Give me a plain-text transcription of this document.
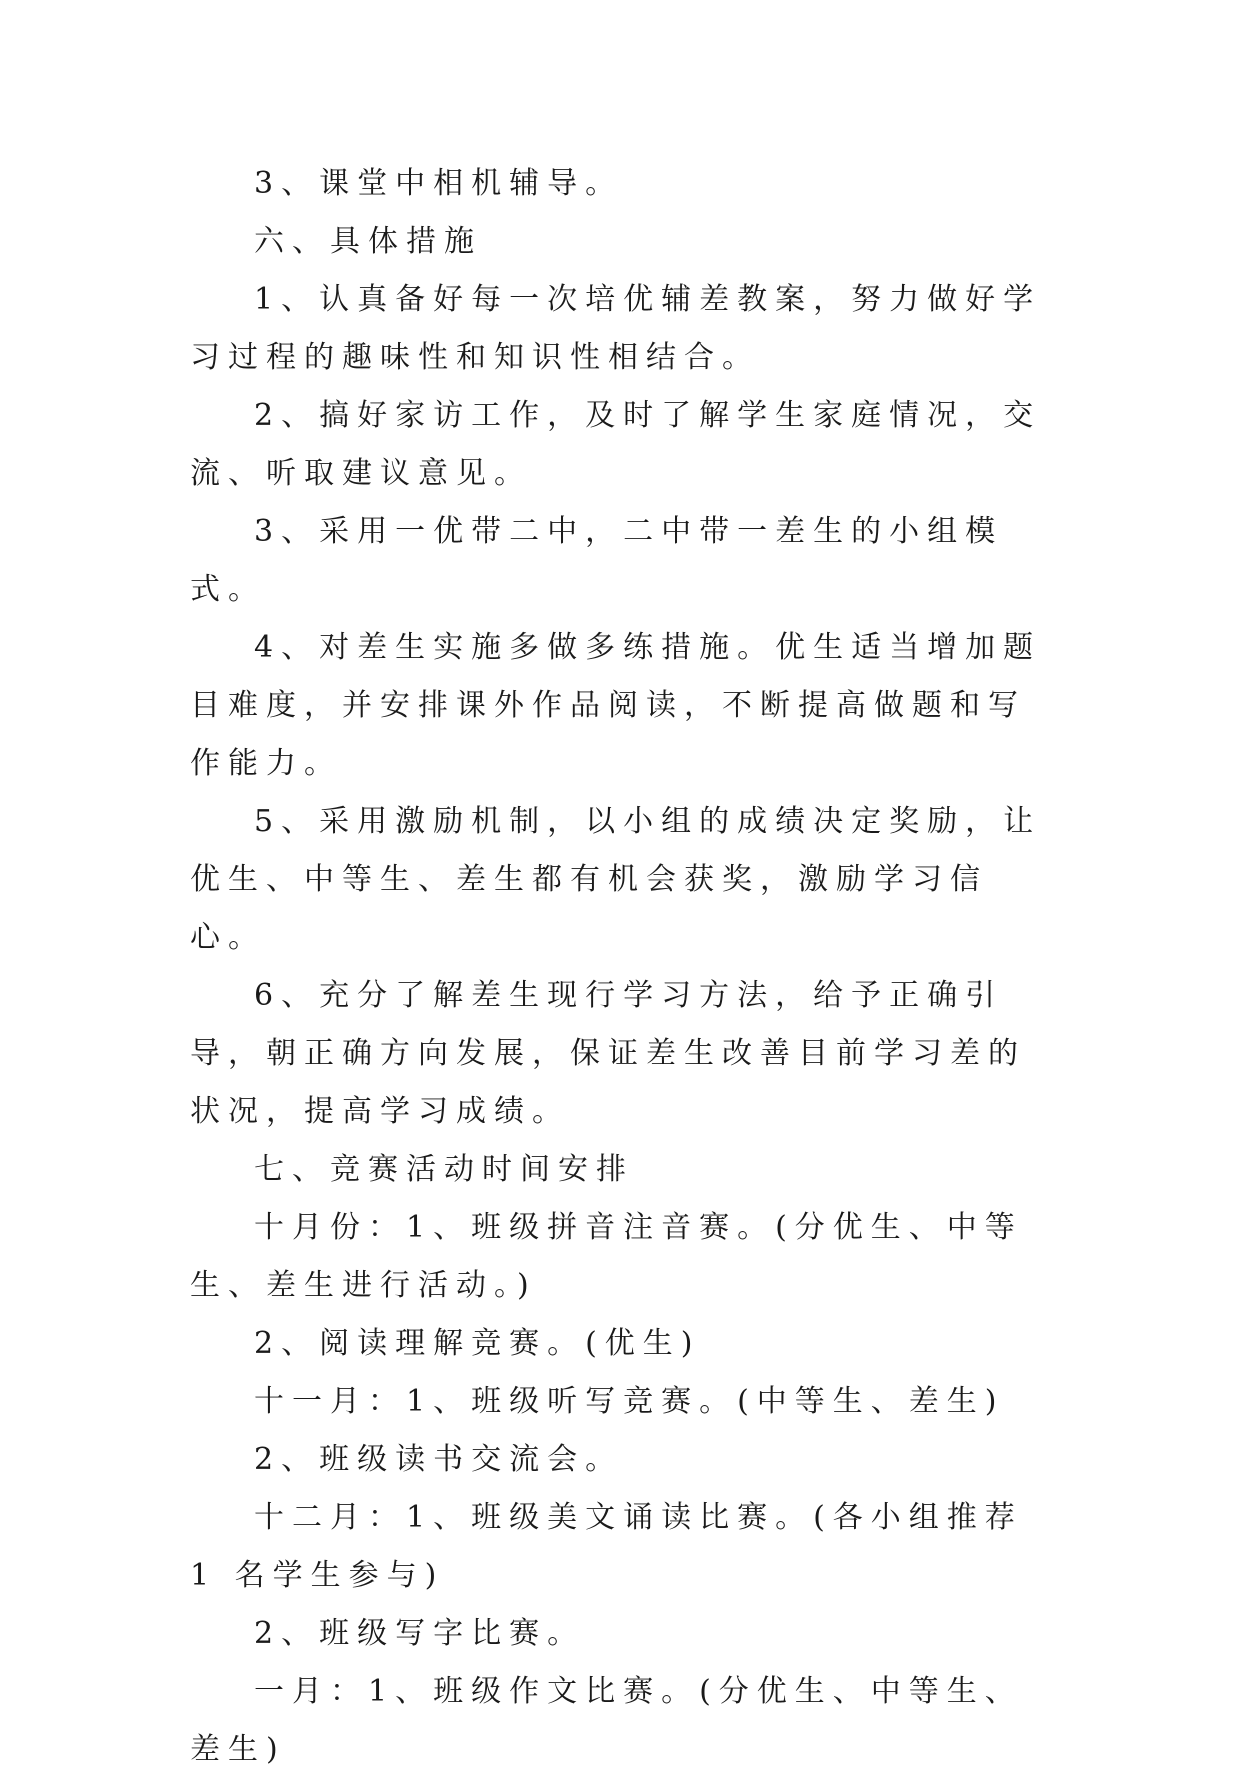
3、课堂中相机辅导。

六、具体措施

1、认真备好每一次培优辅差教案，努力做好学习过程的趣味性和知识性相结合。

2、搞好家访工作，及时了解学生家庭情况，交流、听取建议意见。

3、采用一优带二中，二中带一差生的小组模式。

4、对差生实施多做多练措施。优生适当增加题目难度，并安排课外作品阅读，不断提高做题和写作能力。

5、采用激励机制，以小组的成绩决定奖励，让优生、中等生、差生都有机会获奖，激励学习信心。

6、充分了解差生现行学习方法，给予正确引导，朝正确方向发展，保证差生改善目前学习差的状况，提高学习成绩。

七、竞赛活动时间安排

十月份：1、班级拼音注音赛。(分优生、中等生、差生进行活动。)

2、阅读理解竞赛。(优生)

十一月：1、班级听写竞赛。(中等生、差生)

2、班级读书交流会。

十二月：1、班级美文诵读比赛。(各小组推荐 1 名学生参与)

2、班级写字比赛。

一月：1、班级作文比赛。(分优生、中等生、差生)
